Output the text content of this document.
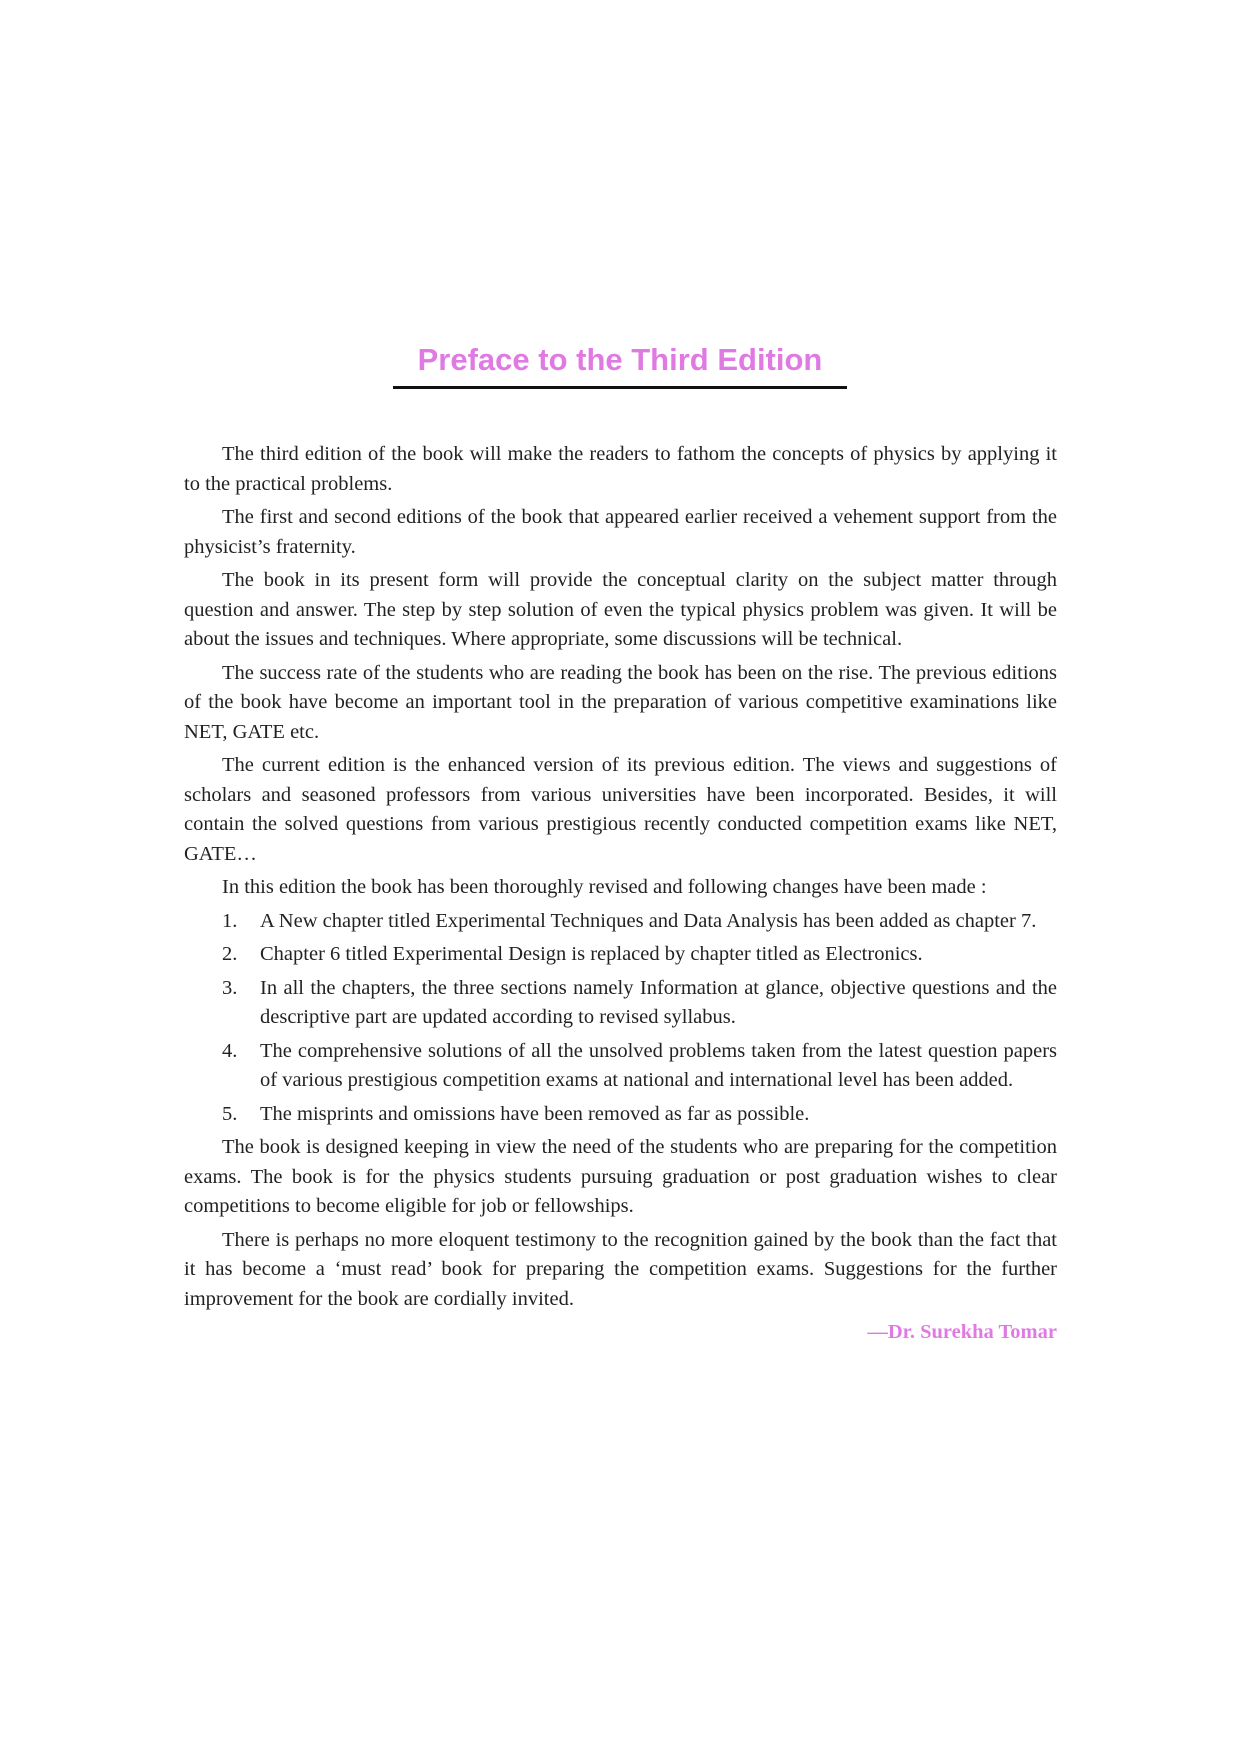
Preface to the Third Edition

The third edition of the book will make the readers to fathom the concepts of physics by applying it to the practical problems.

The first and second editions of the book that appeared earlier received a vehement support from the physicist’s fraternity.

The book in its present form will provide the conceptual clarity on the subject matter through question and answer. The step by step solution of even the typical physics problem was given. It will be about the issues and techniques. Where appropriate, some discussions will be technical.

The success rate of the students who are reading the book has been on the rise. The previous editions of the book have become an important tool in the preparation of various competitive examinations like NET, GATE etc.

The current edition is the enhanced version of its previous edition. The views and suggestions of scholars and seasoned professors from various universities have been incorporated. Besides, it will contain the solved questions from various prestigious recently conducted competition exams like NET, GATE…

In this edition the book has been thoroughly revised and following changes have been made :

1. A New chapter titled Experimental Techniques and Data Analysis has been added as chapter 7.
2. Chapter 6 titled Experimental Design is replaced by chapter titled as Electronics.
3. In all the chapters, the three sections namely Information at glance, objective questions and the descriptive part are updated according to revised syllabus.
4. The comprehensive solutions of all the unsolved problems taken from the latest question papers of various prestigious competition exams at national and international level has been added.
5. The misprints and omissions have been removed as far as possible.

The book is designed keeping in view the need of the students who are preparing for the competition exams. The book is for the physics students pursuing graduation or post graduation wishes to clear competitions to become eligible for job or fellowships.

There is perhaps no more eloquent testimony to the recognition gained by the book than the fact that it has become a ‘must read’ book for preparing the competition exams. Suggestions for the further improvement for the book are cordially invited.

—Dr. Surekha Tomar
